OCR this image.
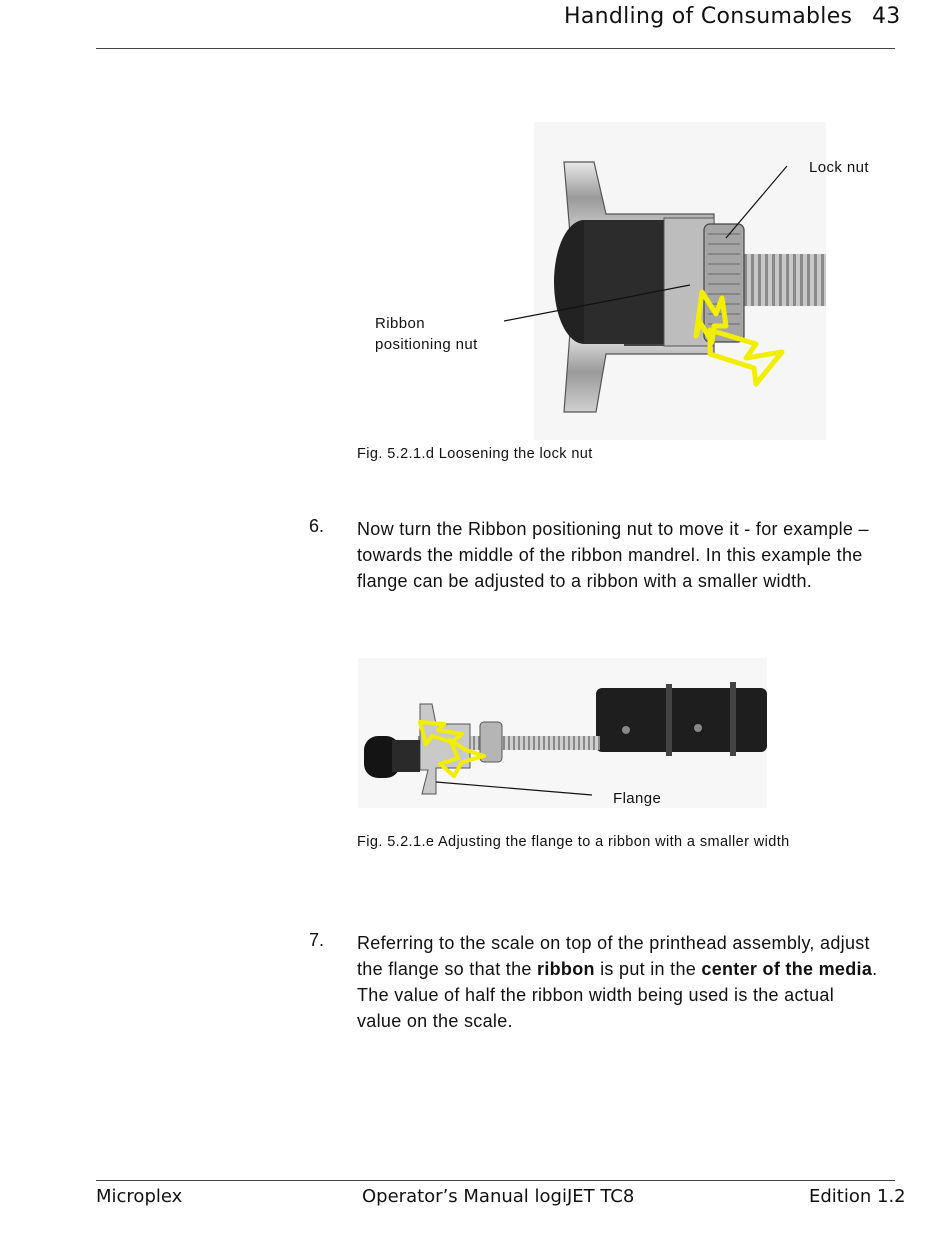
Handling of Consumables 43
Lock nut
Ribbon
positioning nut
Fig. 5.2.1.d Loosening the lock nut
6. Now turn the Ribbon positioning nut to move it - for example – towards the middle of the ribbon mandrel. In this example the flange can be adjusted to a ribbon with a smaller width.
Flange
Fig. 5.2.1.e Adjusting the flange to a ribbon with a smaller width
7. Referring to the scale on top of the printhead assembly, adjust the flange so that the ribbon is put in the center of the media. The value of half the ribbon width being used is the actual value on the scale.
Microplex	Operator’s Manual logiJET TC8	Edition 1.2
